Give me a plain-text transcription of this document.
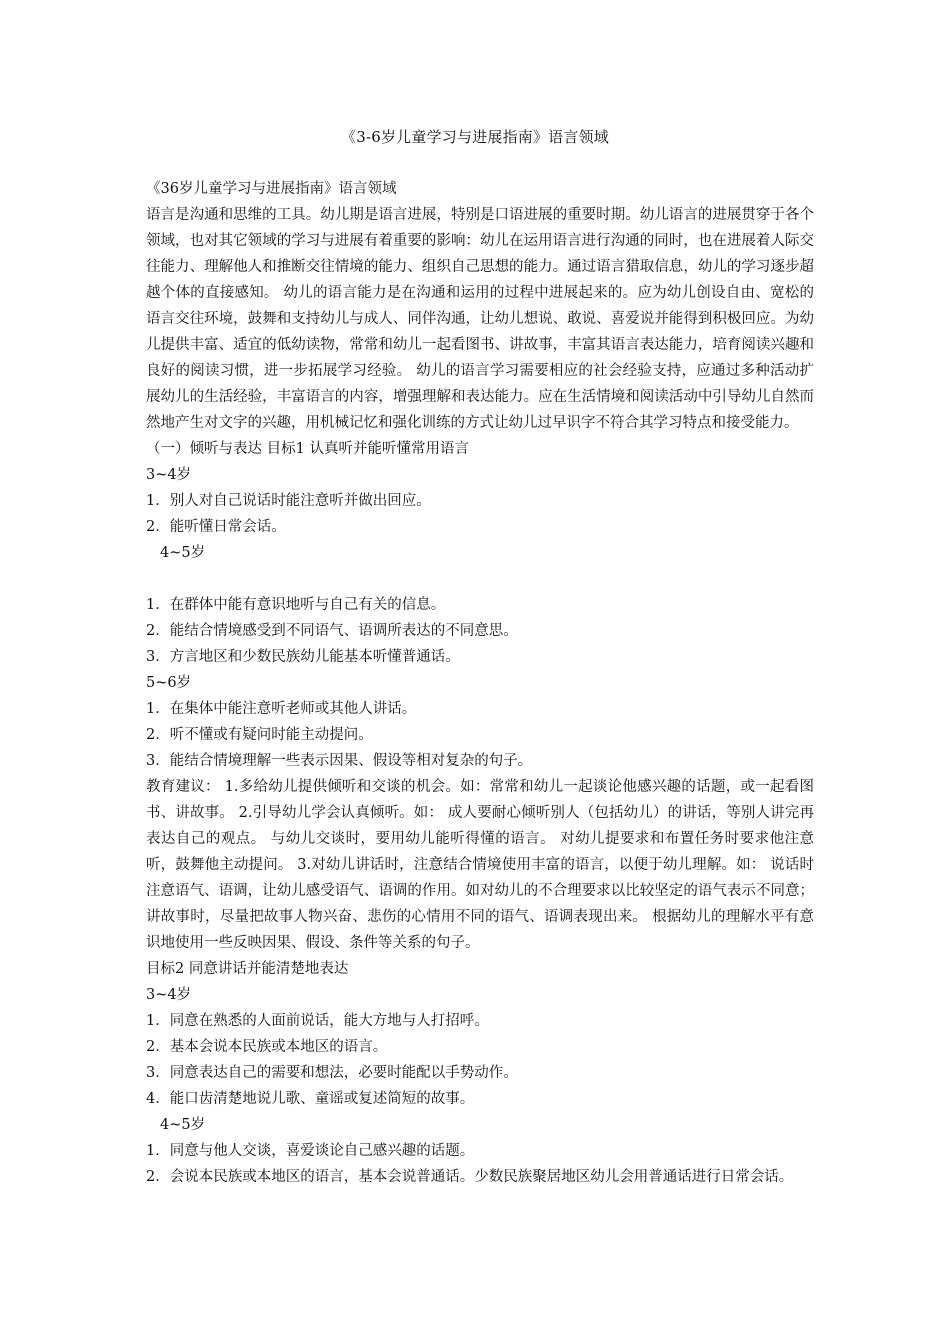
《3-6岁儿童学习与进展指南》语言领域

《36岁儿童学习与进展指南》语言领域

语言是沟通和思维的工具。幼儿期是语言进展，特别是口语进展的重要时期。幼儿语言的进展贯穿于各个领域，也对其它领域的学习与进展有着重要的影响：幼儿在运用语言进行沟通的同时，也在进展着人际交往能力、理解他人和推断交往情境的能力、组织自己思想的能力。通过语言猎取信息，幼儿的学习逐步超越个体的直接感知。 幼儿的语言能力是在沟通和运用的过程中进展起来的。应为幼儿创设自由、宽松的语言交往环境，鼓舞和支持幼儿与成人、同伴沟通，让幼儿想说、敢说、喜爱说并能得到积极回应。为幼儿提供丰富、适宜的低幼读物，常常和幼儿一起看图书、讲故事，丰富其语言表达能力，培育阅读兴趣和良好的阅读习惯，进一步拓展学习经验。 幼儿的语言学习需要相应的社会经验支持，应通过多种活动扩展幼儿的生活经验，丰富语言的内容，增强理解和表达能力。应在生活情境和阅读活动中引导幼儿自然而然地产生对文字的兴趣，用机械记忆和强化训练的方式让幼儿过早识字不符合其学习特点和接受能力。

（一）倾听与表达 目标1 认真听并能听懂常用语言

3~4岁

1．别人对自己说话时能注意听并做出回应。

2．能听懂日常会话。

4~5岁

1．在群体中能有意识地听与自己有关的信息。

2．能结合情境感受到不同语气、语调所表达的不同意思。

3．方言地区和少数民族幼儿能基本听懂普通话。

5~6岁

1．在集体中能注意听老师或其他人讲话。

2．听不懂或有疑问时能主动提问。

3．能结合情境理解一些表示因果、假设等相对复杂的句子。

教育建议： 1.多给幼儿提供倾听和交谈的机会。如：常常和幼儿一起谈论他感兴趣的话题，或一起看图书、讲故事。 2.引导幼儿学会认真倾听。如： 成人要耐心倾听别人（包括幼儿）的讲话，等别人讲完再表达自己的观点。 与幼儿交谈时，要用幼儿能听得懂的语言。 对幼儿提要求和布置任务时要求他注意听，鼓舞他主动提问。 3.对幼儿讲话时，注意结合情境使用丰富的语言，以便于幼儿理解。如： 说话时注意语气、语调，让幼儿感受语气、语调的作用。如对幼儿的不合理要求以比较坚定的语气表示不同意；讲故事时，尽量把故事人物兴奋、悲伤的心情用不同的语气、语调表现出来。 根据幼儿的理解水平有意识地使用一些反映因果、假设、条件等关系的句子。

目标2 同意讲话并能清楚地表达

3~4岁

1．同意在熟悉的人面前说话，能大方地与人打招呼。

2．基本会说本民族或本地区的语言。

3．同意表达自己的需要和想法，必要时能配以手势动作。

4．能口齿清楚地说儿歌、童谣或复述简短的故事。

4~5岁

1．同意与他人交谈，喜爱谈论自己感兴趣的话题。

2．会说本民族或本地区的语言，基本会说普通话。少数民族聚居地区幼儿会用普通话进行日常会话。
